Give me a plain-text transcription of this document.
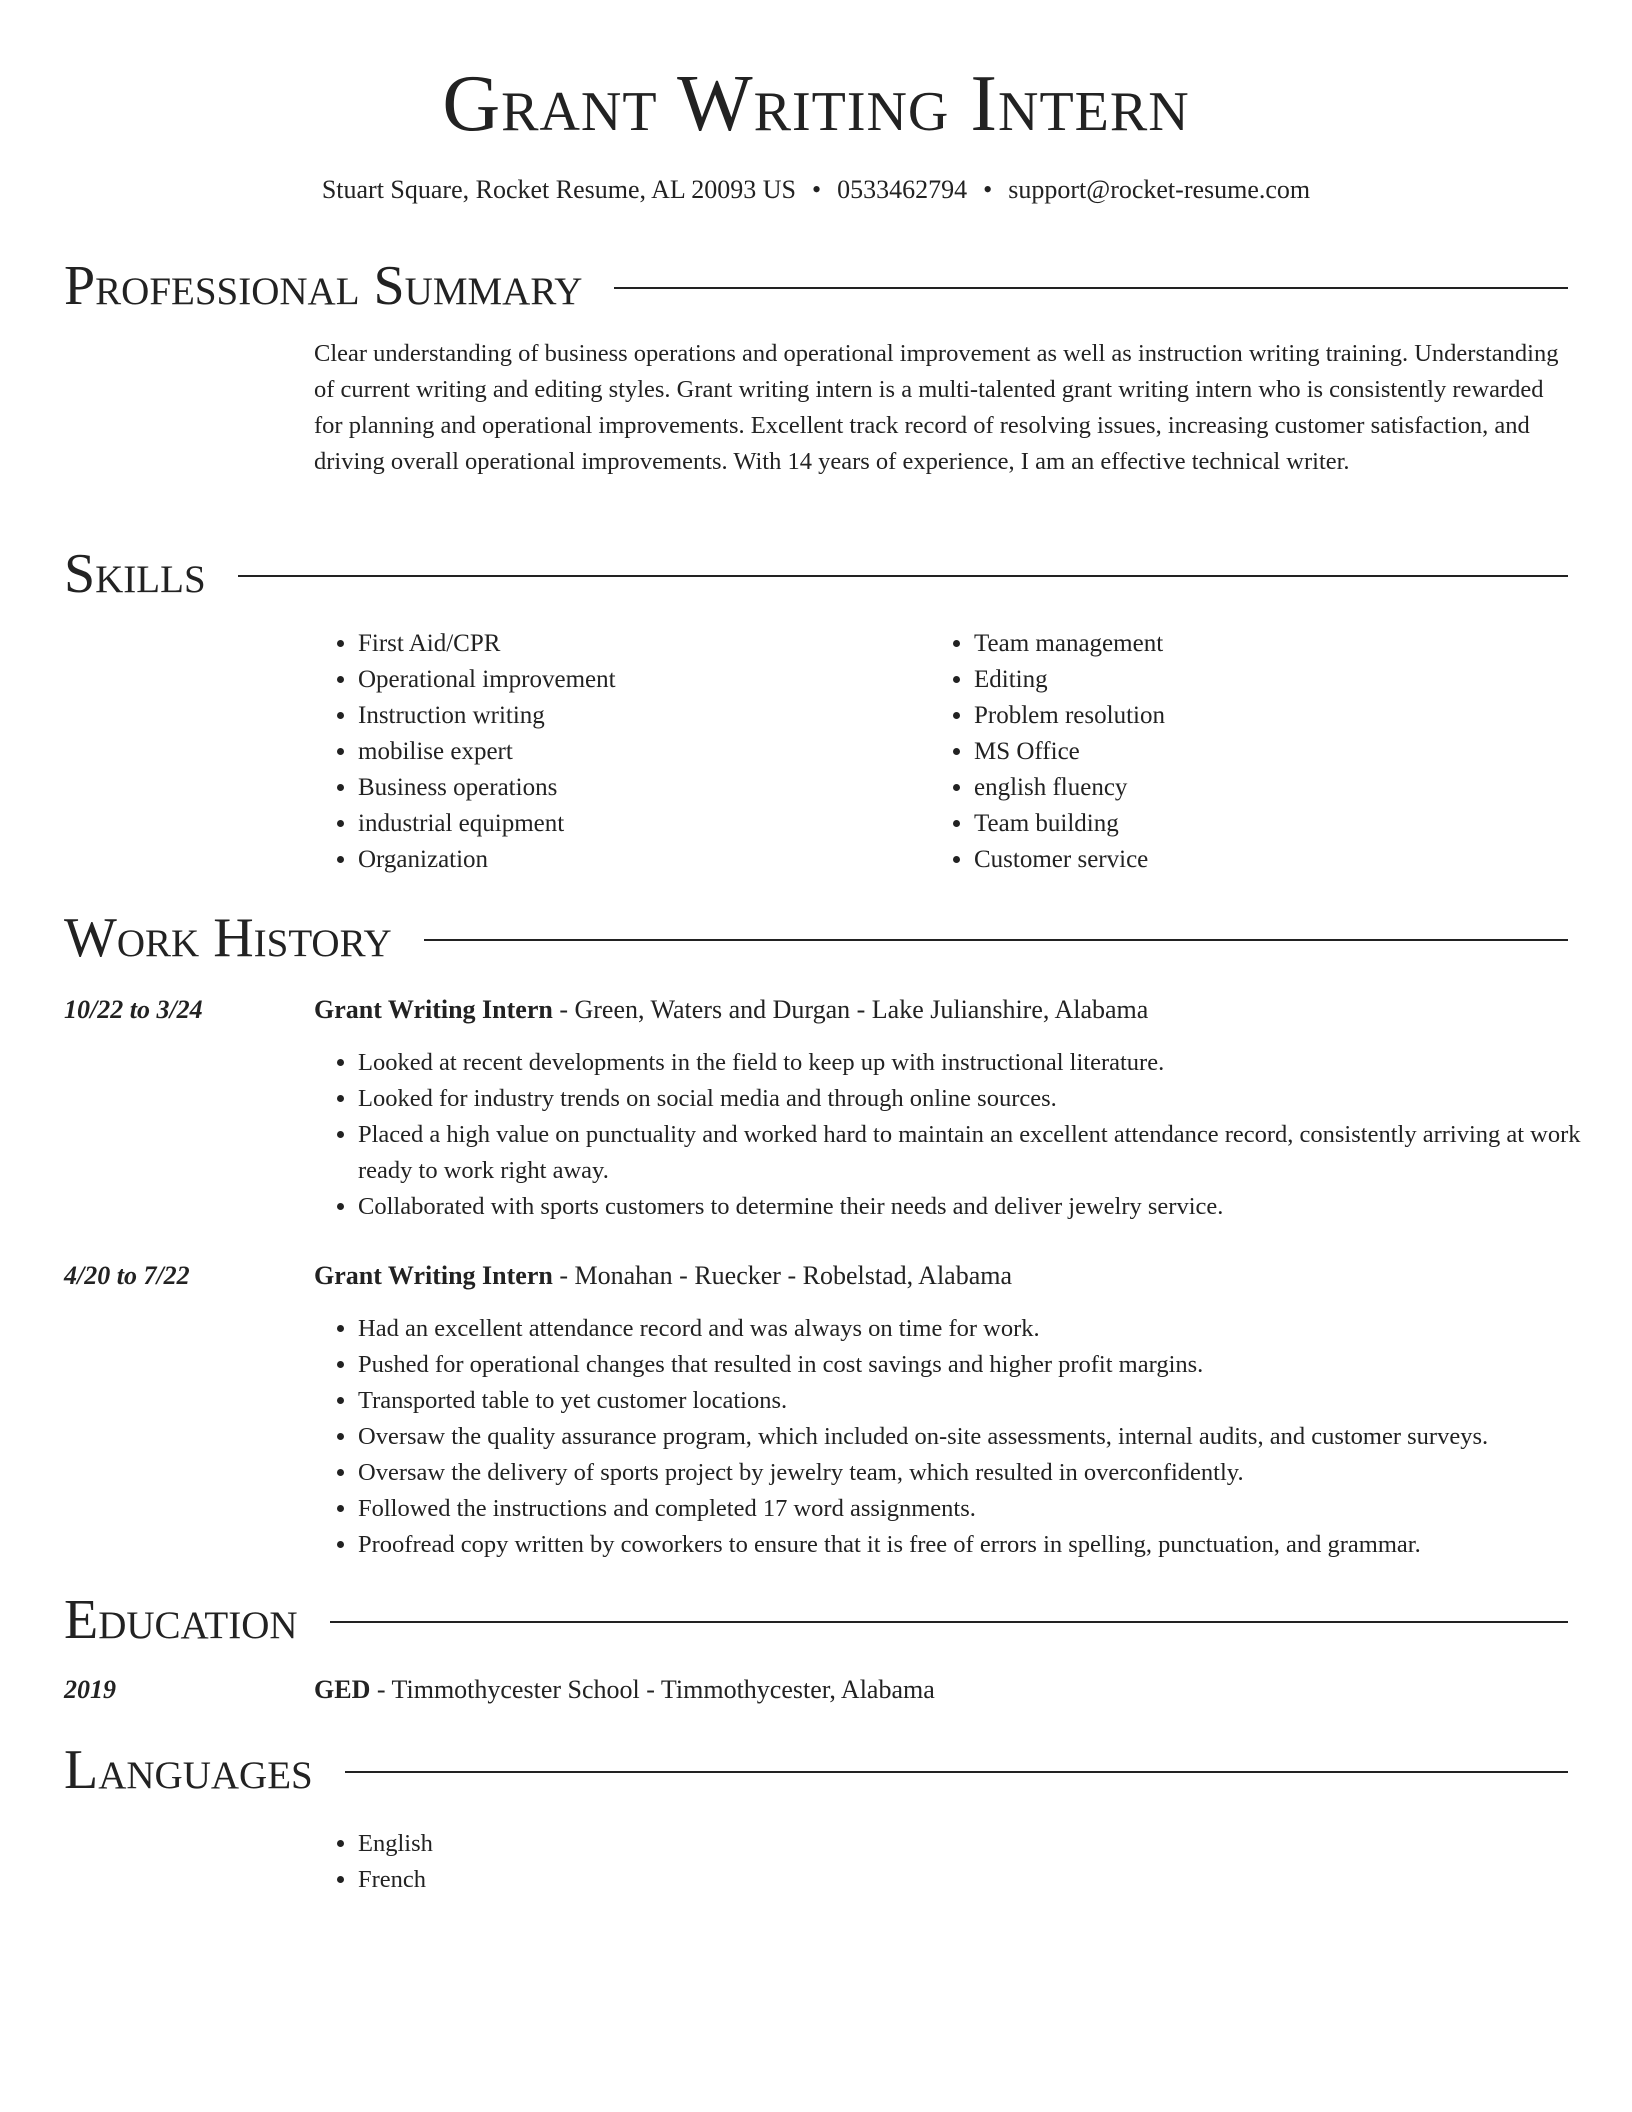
Grant Writing Intern
Stuart Square, Rocket Resume, AL 20093 US • 0533462794 • support@rocket-resume.com
Professional Summary

Clear understanding of business operations and operational improvement as well as instruction writing training. Understanding of current writing and editing styles. Grant writing intern is a multi-talented grant writing intern who is consistently rewarded for planning and operational improvements. Excellent track record of resolving issues, increasing customer satisfaction, and driving overall operational improvements. With 14 years of experience, I am an effective technical writer.

Skills
• First Aid/CPR
• Operational improvement
• Instruction writing
• mobilise expert
• Business operations
• industrial equipment
• Organization
• Team management
• Editing
• Problem resolution
• MS Office
• english fluency
• Team building
• Customer service
Work History
10/22 to 3/24	Grant Writing Intern - Green, Waters and Durgan - Lake Julianshire, Alabama
• Looked at recent developments in the field to keep up with instructional literature.
• Looked for industry trends on social media and through online sources.
• Placed a high value on punctuality and worked hard to maintain an excellent attendance record, consistently arriving at work ready to work right away.
• Collaborated with sports customers to determine their needs and deliver jewelry service.
4/20 to 7/22	Grant Writing Intern - Monahan - Ruecker - Robelstad, Alabama
• Had an excellent attendance record and was always on time for work.
• Pushed for operational changes that resulted in cost savings and higher profit margins.
• Transported table to yet customer locations.
• Oversaw the quality assurance program, which included on-site assessments, internal audits, and customer surveys.
• Oversaw the delivery of sports project by jewelry team, which resulted in overconfidently.
• Followed the instructions and completed 17 word assignments.
• Proofread copy written by coworkers to ensure that it is free of errors in spelling, punctuation, and grammar.
Education
2019	GED - Timmothycester School - Timmothycester, Alabama
Languages
• English
• French
